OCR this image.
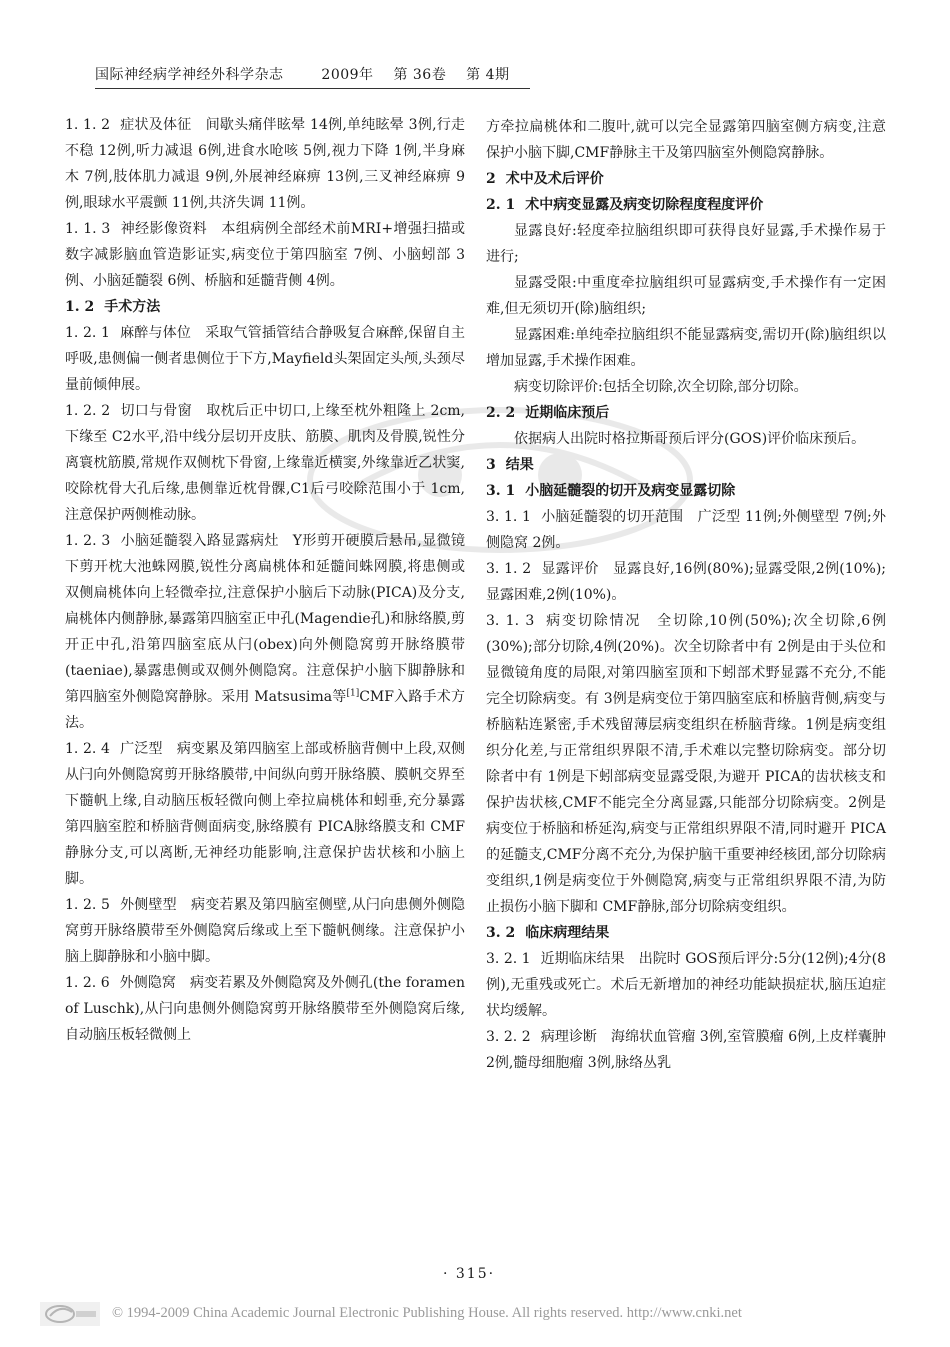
国际神经病学神经外科学杂志	2009年 第 36卷 第 4期

1. 1. 2 症状及体征  间歇头痛伴眩晕 14例,单纯眩晕 3例,行走不稳 12例,听力减退 6例,进食水呛咳 5例,视力下降 1例,半身麻木 7例,肢体肌力减退 9例,外展神经麻痹 13例,三叉神经麻痹 9例,眼球水平震颤 11例,共济失调 11例。

1. 1. 3 神经影像资料  本组病例全部经术前MRI+增强扫描或数字减影脑血管造影证实,病变位于第四脑室 7例、小脑蚓部 3例、小脑延髓裂 6例、桥脑和延髓背侧 4例。

1. 2 手术方法

1. 2. 1 麻醉与体位  采取气管插管结合静吸复合麻醉,保留自主呼吸,患侧偏一侧者患侧位于下方,Mayfield头架固定头颅,头颈尽量前倾伸展。

1. 2. 2 切口与骨窗  取枕后正中切口,上缘至枕外粗隆上 2cm,下缘至 C2水平,沿中线分层切开皮肤、筋膜、肌肉及骨膜,锐性分离寰枕筋膜,常规作双侧枕下骨窗,上缘靠近横窦,外缘靠近乙状窦,咬除枕骨大孔后缘,患侧靠近枕骨髁,C1后弓咬除范围小于 1cm,注意保护两侧椎动脉。

1. 2. 3 小脑延髓裂入路显露病灶  Y形剪开硬膜后悬吊,显微镜下剪开枕大池蛛网膜,锐性分离扁桃体和延髓间蛛网膜,将患侧或双侧扁桃体向上轻微牵拉,注意保护小脑后下动脉(PICA)及分支,扁桃体内侧静脉,暴露第四脑室正中孔(Magendie孔)和脉络膜,剪开正中孔,沿第四脑室底从闩(obex)向外侧隐窝剪开脉络膜带(taeniae),暴露患侧或双侧外侧隐窝。注意保护小脑下脚静脉和第四脑室外侧隐窝静脉。采用 Matsusima等[1]CMF入路手术方法。

1. 2. 4 广泛型  病变累及第四脑室上部或桥脑背侧中上段,双侧从闩向外侧隐窝剪开脉络膜带,中间纵向剪开脉络膜、膜帆交界至下髓帆上缘,自动脑压板轻微向侧上牵拉扁桃体和蚓垂,充分暴露第四脑室腔和桥脑背侧面病变,脉络膜有 PICA脉络膜支和 CMF静脉分支,可以离断,无神经功能影响,注意保护齿状核和小脑上脚。

1. 2. 5 外侧壁型  病变若累及第四脑室侧壁,从闩向患侧外侧隐窝剪开脉络膜带至外侧隐窝后缘或上至下髓帆侧缘。注意保护小脑上脚静脉和小脑中脚。

1. 2. 6 外侧隐窝  病变若累及外侧隐窝及外侧孔(the foramen of Luschk),从闩向患侧外侧隐窝剪开脉络膜带至外侧隐窝后缘,自动脑压板轻微侧上

方牵拉扁桃体和二腹叶,就可以完全显露第四脑室侧方病变,注意保护小脑下脚,CMF静脉主干及第四脑室外侧隐窝静脉。

2 术中及术后评价

2. 1 术中病变显露及病变切除程度程度评价

显露良好:轻度牵拉脑组织即可获得良好显露,手术操作易于进行;

显露受限:中重度牵拉脑组织可显露病变,手术操作有一定困难,但无须切开(除)脑组织;

显露困难:单纯牵拉脑组织不能显露病变,需切开(除)脑组织以增加显露,手术操作困难。

病变切除评价:包括全切除,次全切除,部分切除。

2. 2 近期临床预后

依据病人出院时格拉斯哥预后评分(GOS)评价临床预后。

3 结果

3. 1 小脑延髓裂的切开及病变显露切除

3. 1. 1 小脑延髓裂的切开范围  广泛型 11例;外侧壁型 7例;外侧隐窝 2例。

3. 1. 2 显露评价  显露良好,16例(80%);显露受限,2例(10%);显露困难,2例(10%)。

3. 1. 3 病变切除情况  全切除,10例(50%);次全切除,6例(30%);部分切除,4例(20%)。次全切除者中有 2例是由于头位和显微镜角度的局限,对第四脑室顶和下蚓部术野显露不充分,不能完全切除病变。有 3例是病变位于第四脑室底和桥脑背侧,病变与桥脑粘连紧密,手术残留薄层病变组织在桥脑背缘。1例是病变组织分化差,与正常组织界限不清,手术难以完整切除病变。部分切除者中有 1例是下蚓部病变显露受限,为避开 PICA的齿状核支和保护齿状核,CMF不能完全分离显露,只能部分切除病变。2例是病变位于桥脑和桥延沟,病变与正常组织界限不清,同时避开 PICA的延髓支,CMF分离不充分,为保护脑干重要神经核团,部分切除病变组织,1例是病变位于外侧隐窝,病变与正常组织界限不清,为防止损伤小脑下脚和 CMF静脉,部分切除病变组织。

3. 2 临床病理结果

3. 2. 1 近期临床结果  出院时 GOS预后评分:5分(12例);4分(8例),无重残或死亡。术后无新增加的神经功能缺损症状,脑压迫症状均缓解。

3. 2. 2 病理诊断  海绵状血管瘤 3例,室管膜瘤 6例,上皮样囊肿 2例,髓母细胞瘤 3例,脉络丛乳

· 315·
© 1994-2009 China Academic Journal Electronic Publishing House. All rights reserved. http://www.cnki.net
